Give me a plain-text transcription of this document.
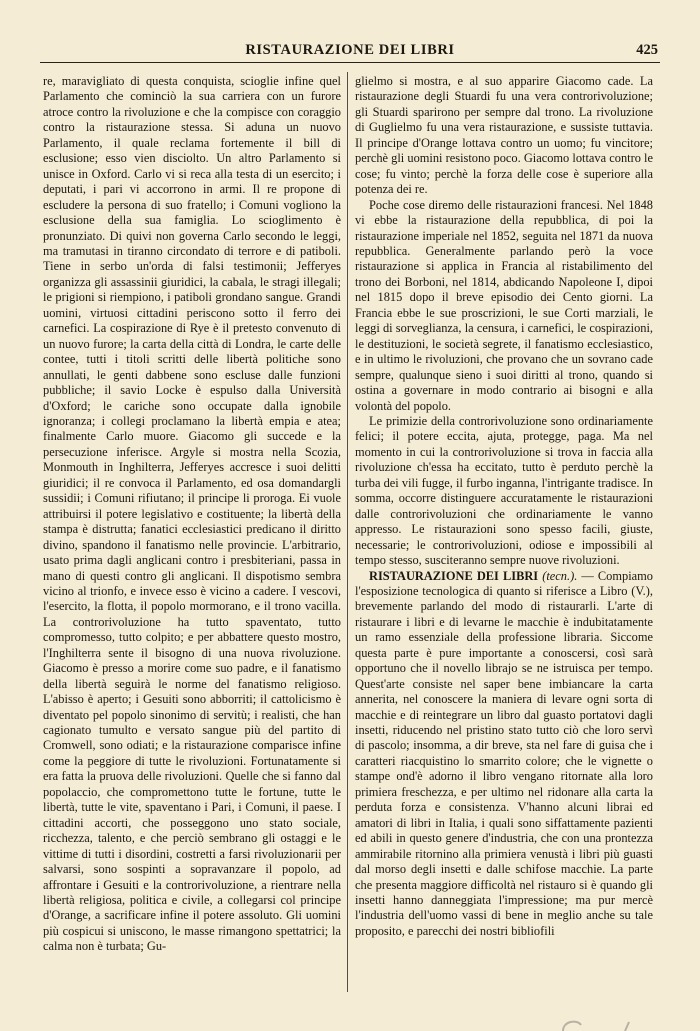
RISTAURAZIONE DEI LIBRI	425

re, maravigliato di questa conquista, scioglie infine quel Parlamento che cominciò la sua carriera con un furore atroce contro la rivoluzione e che la compisce con coraggio contro la ristaurazione stessa. Si aduna un nuovo Parlamento, il quale reclama fortemente il bill di esclusione; esso vien disciolto. Un altro Parlamento si unisce in Oxford. Carlo vi si reca alla testa di un esercito; i deputati, i pari vi accorrono in armi. Il re propone di escludere la persona di suo fratello; i Comuni vogliono la esclusione della sua famiglia. Lo scioglimento è pronunziato. Di quivi non governa Carlo secondo le leggi, ma tramutasi in tiranno circondato di terrore e di patiboli. Tiene in serbo un'orda di falsi testimonii; Jefferyes organizza gli assassinii giuridici, la cabala, le stragi illegali; le prigioni si riempiono, i patiboli grondano sangue. Grandi uomini, virtuosi cittadini periscono sotto il ferro dei carnefici. La cospirazione di Rye è il pretesto convenuto di un nuovo furore; la carta della città di Londra, le carte delle contee, tutti i titoli scritti delle libertà politiche sono annullati, le genti dabbene sono escluse dalle funzioni pubbliche; il savio Locke è espulso dalla Università d'Oxford; le cariche sono occupate dalla ignobile ignoranza; i collegi proclamano la libertà empia e atea; finalmente Carlo muore. Giacomo gli succede e la persecuzione inferisce. Argyle si mostra nella Scozia, Monmouth in Inghilterra, Jefferyes accresce i suoi delitti giuridici; il re convoca il Parlamento, ed osa domandargli sussidii; i Comuni rifiutano; il principe li proroga. Ei vuole attribuirsi il potere legislativo e costituente; la libertà della stampa è distrutta; fanatici ecclesiastici predicano il diritto divino, spandono il fanatismo nelle provincie. L'arbitrario, usato prima dagli anglicani contro i presbiteriani, passa in mano di questi contro gli anglicani. Il dispotismo sembra vicino al trionfo, e invece esso è vicino a cadere. I vescovi, l'esercito, la flotta, il popolo mormorano, e il trono vacilla. La controrivoluzione ha tutto spaventato, tutto compromesso, tutto colpito; e per abbattere questo mostro, l'Inghilterra sente il bisogno di una nuova rivoluzione. Giacomo è presso a morire come suo padre, e il fanatismo della libertà seguirà le norme del fanatismo religioso. L'abisso è aperto; i Gesuiti sono abborriti; il cattolicismo è diventato pel popolo sinonimo di servitù; i realisti, che han cagionato tumulto e versato sangue più del partito di Cromwell, sono odiati; e la ristaurazione comparisce infine come la peggiore di tutte le rivoluzioni. Fortunatamente si era fatta la pruova delle rivoluzioni. Quelle che si fanno dal popolaccio, che compromettono tutte le fortune, tutte le libertà, tutte le vite, spaventano i Pari, i Comuni, il paese. I cittadini accorti, che posseggono uno stato sociale, ricchezza, talento, e che perciò sembrano gli ostaggi e le vittime di tutti i disordini, costretti a farsi rivoluzionarii per salvarsi, sono sospinti a sopravanzare il popolo, ad affrontare i Gesuiti e la controrivoluzione, a rientrare nella libertà religiosa, politica e civile, a collegarsi col principe d'Orange, a sacrificare infine il potere assoluto. Gli uomini più cospicui si uniscono, le masse rimangono spettatrici; la calma non è turbata; Gu-

glielmo si mostra, e al suo apparire Giacomo cade. La ristaurazione degli Stuardi fu una vera controrivoluzione; gli Stuardi sparirono per sempre dal trono. La rivoluzione di Guglielmo fu una vera ristaurazione, e sussiste tuttavia. Il principe d'Orange lottava contro un uomo; fu vincitore; perchè gli uomini resistono poco. Giacomo lottava contro le cose; fu vinto; perchè la forza delle cose è superiore alla potenza dei re.

Poche cose diremo delle ristaurazioni francesi. Nel 1848 vi ebbe la ristaurazione della repubblica, di poi la ristaurazione imperiale nel 1852, seguita nel 1871 da nuova repubblica. Generalmente parlando però la voce ristaurazione si applica in Francia al ristabilimento del trono dei Borboni, nel 1814, abdicando Napoleone I, dipoi nel 1815 dopo il breve episodio dei Cento giorni. La Francia ebbe le sue proscrizioni, le sue Corti marziali, le leggi di sorveglianza, la censura, i carnefici, le cospirazioni, le destituzioni, le società segrete, il fanatismo ecclesiastico, e in ultimo le rivoluzioni, che provano che un sovrano cade sempre, qualunque sieno i suoi diritti al trono, quando si ostina a governare in modo contrario ai bisogni e alla volontà del popolo.

Le primizie della controrivoluzione sono ordinariamente felici; il potere eccita, ajuta, protegge, paga. Ma nel momento in cui la controrivoluzione si trova in faccia alla rivoluzione ch'essa ha eccitato, tutto è perduto perchè la turba dei vili fugge, il furbo inganna, l'intrigante tradisce. In somma, occorre distinguere accuratamente le ristaurazioni dalle controrivoluzioni che ordinariamente le vanno appresso. Le ristaurazioni sono spesso facili, giuste, necessarie; le controrivoluzioni, odiose e impossibili al tempo stesso, susciteranno sempre nuove rivoluzioni.

RISTAURAZIONE DEI LIBRI (tecn.). — Compiamo l'esposizione tecnologica di quanto si riferisce a Libro (V.), brevemente parlando del modo di ristaurarli. L'arte di ristaurare i libri e di levarne le macchie è indubitatamente un ramo essenziale della professione libraria. Siccome questa parte è pure importante a conoscersi, così sarà opportuno che il novello librajo se ne istruisca per tempo. Quest'arte consiste nel saper bene imbiancare la carta annerita, nel conoscere la maniera di levare ogni sorta di macchie e di reintegrare un libro dal guasto portatovi dagli insetti, riducendo nel pristino stato tutto ciò che loro servì di pascolo; insomma, a dir breve, sta nel fare di guisa che i caratteri riacquistino lo smarrito colore; che le vignette o stampe ond'è adorno il libro vengano ritornate alla loro primiera freschezza, e per ultimo nel ridonare alla carta la perduta forza e consistenza. V'hanno alcuni librai ed amatori di libri in Italia, i quali sono siffattamente pazienti ed abili in questo genere d'industria, che con una prontezza ammirabile ritornino alla primiera venustà i libri più guasti dal morso degli insetti e dalle schifose macchie. La parte che presenta maggiore difficoltà nel ristauro si è quando gli insetti hanno danneggiata l'impressione; ma pur mercè l'industria dell'uomo vassi di bene in meglio anche su tale proposito, e parecchi dei nostri bibliofili
